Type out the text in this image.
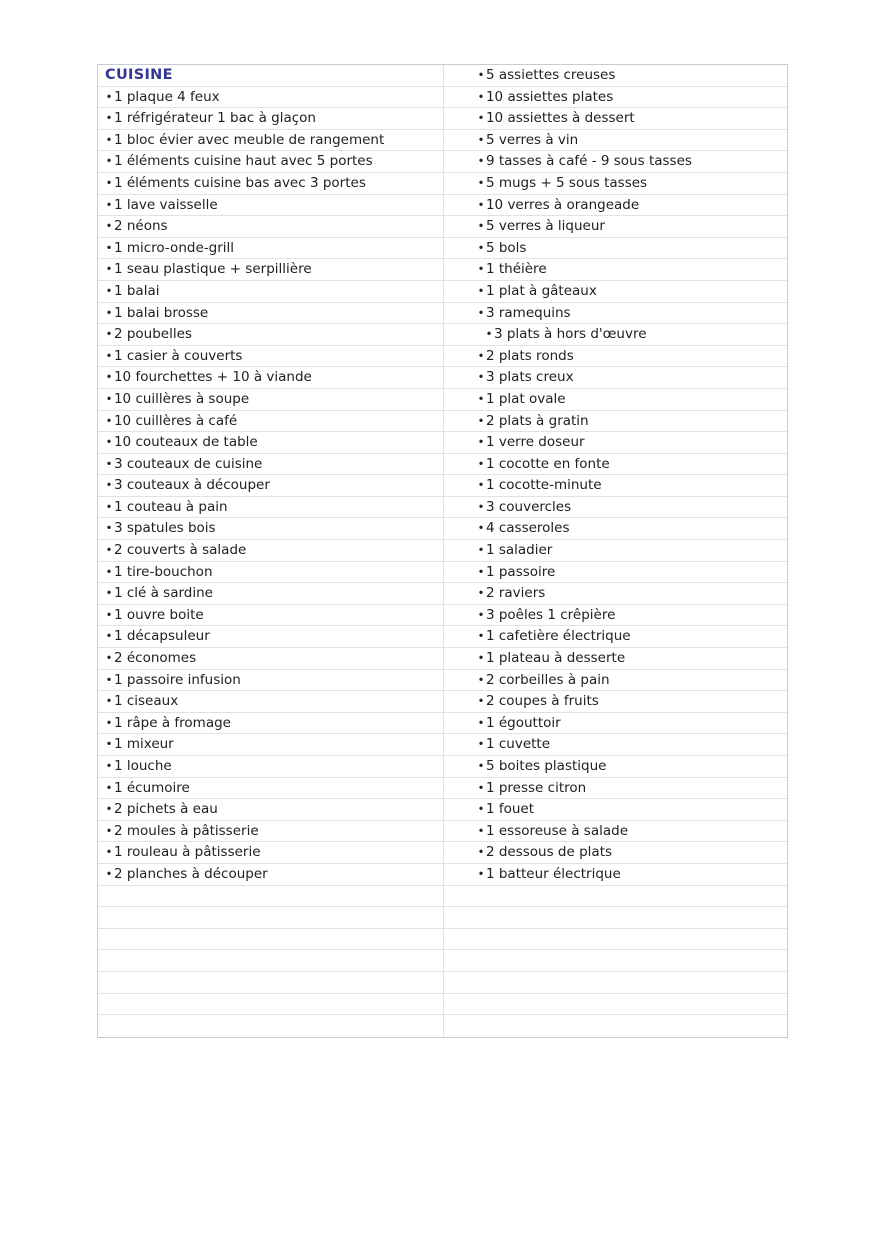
CUISINE	• 5 assiettes creuses
• 1 plaque 4 feux	• 10 assiettes plates
• 1 réfrigérateur 1 bac à glaçon	• 10 assiettes à dessert
• 1 bloc évier avec meuble de rangement	• 5 verres à vin
• 1 éléments cuisine haut avec 5 portes	• 9 tasses à café - 9 sous tasses
• 1 éléments cuisine bas avec 3 portes	• 5 mugs + 5 sous tasses
• 1 lave vaisselle	• 10 verres à orangeade
• 2 néons	• 5 verres à liqueur
• 1 micro-onde-grill	• 5 bols
• 1 seau plastique + serpillière	• 1 théière
• 1 balai	• 1 plat à gâteaux
• 1 balai brosse	• 3 ramequins
• 2 poubelles	• 3 plats à hors d'œuvre
• 1 casier à couverts	• 2 plats ronds
• 10 fourchettes + 10 à viande	• 3 plats creux
• 10 cuillères à soupe	• 1 plat ovale
• 10 cuillères à café	• 2 plats à gratin
• 10 couteaux de table	• 1 verre doseur
• 3 couteaux de cuisine	• 1 cocotte en fonte
• 3 couteaux à découper	• 1 cocotte-minute
• 1 couteau à pain	• 3 couvercles
• 3 spatules bois	• 4 casseroles
• 2 couverts à salade	• 1 saladier
• 1 tire-bouchon	• 1 passoire
• 1 clé à sardine	• 2 raviers
• 1 ouvre boite	• 3 poêles 1 crêpière
• 1 décapsuleur	• 1 cafetière électrique
• 2 économes	• 1 plateau à desserte
• 1 passoire infusion	• 2 corbeilles à pain
• 1 ciseaux	• 2 coupes à fruits
• 1 râpe à fromage	• 1 égouttoir
• 1 mixeur	• 1 cuvette
• 1 louche	• 5 boites plastique
• 1 écumoire	• 1 presse citron
• 2 pichets à eau	• 1 fouet
• 2 moules à pâtisserie	• 1 essoreuse à salade
• 1 rouleau à pâtisserie	• 2 dessous de plats
• 2 planches à découper	• 1 batteur électrique
